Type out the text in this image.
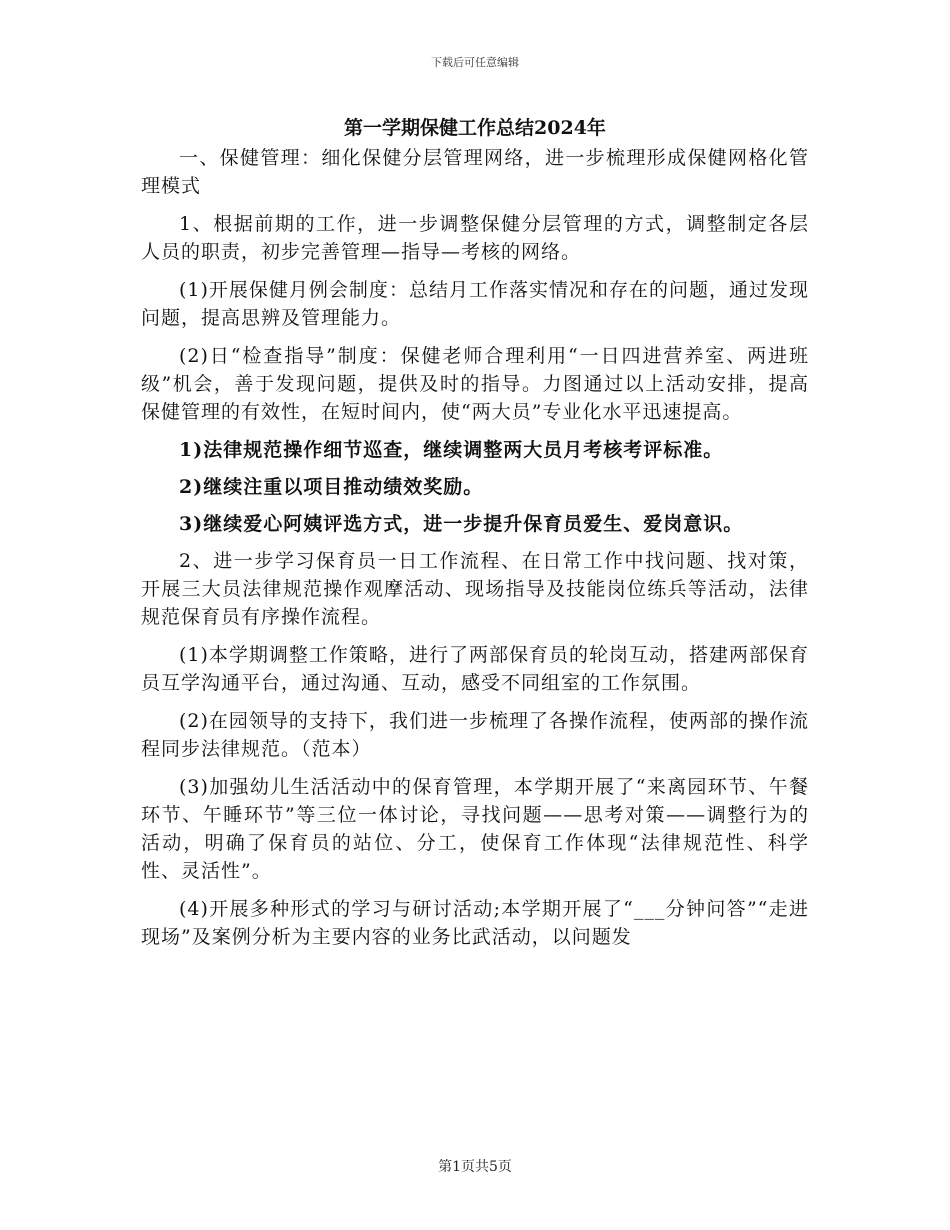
下载后可任意编辑
第一学期保健工作总结2024年

一、保健管理：细化保健分层管理网络，进一步梳理形成保健网格化管理模式

1、根据前期的工作，进一步调整保健分层管理的方式，调整制定各层人员的职责，初步完善管理—指导—考核的网络。

(1)开展保健月例会制度：总结月工作落实情况和存在的问题，通过发现问题，提高思辨及管理能力。

(2)日“检查指导”制度：保健老师合理利用“一日四进营养室、两进班级”机会，善于发现问题，提供及时的指导。力图通过以上活动安排，提高保健管理的有效性，在短时间内，使“两大员”专业化水平迅速提高。

1)法律规范操作细节巡查，继续调整两大员月考核考评标准。

2)继续注重以项目推动绩效奖励。

3)继续爱心阿姨评选方式，进一步提升保育员爱生、爱岗意识。

2、进一步学习保育员一日工作流程、在日常工作中找问题、找对策，开展三大员法律规范操作观摩活动、现场指导及技能岗位练兵等活动，法律规范保育员有序操作流程。

(1)本学期调整工作策略，进行了两部保育员的轮岗互动，搭建两部保育员互学沟通平台，通过沟通、互动，感受不同组室的工作氛围。

(2)在园领导的支持下，我们进一步梳理了各操作流程，使两部的操作流程同步法律规范。（范本）

(3)加强幼儿生活活动中的保育管理，本学期开展了“来离园环节、午餐环节、午睡环节”等三位一体讨论，寻找问题——思考对策——调整行为的活动，明确了保育员的站位、分工，使保育工作体现“法律规范性、科学性、灵活性”。

(4)开展多种形式的学习与研讨活动;本学期开展了“___分钟问答”“走进现场”及案例分析为主要内容的业务比武活动，以问题发

第1页共5页
